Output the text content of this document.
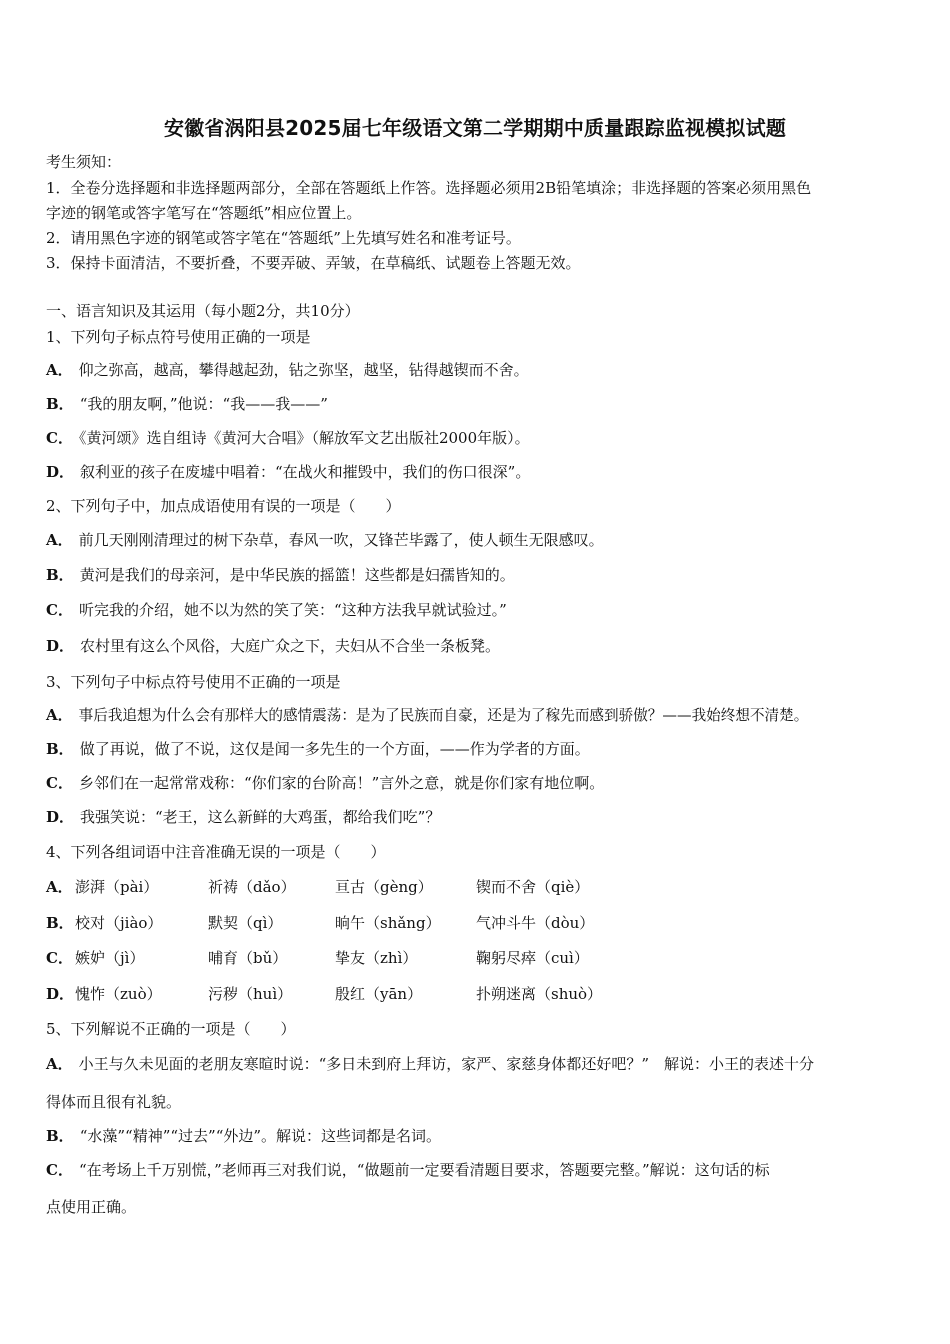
安徽省涡阳县2025届七年级语文第二学期期中质量跟踪监视模拟试题
考生须知：
1．全卷分选择题和非选择题两部分，全部在答题纸上作答。选择题必须用2B铅笔填涂；非选择题的答案必须用黑色
字迹的钢笔或答字笔写在“答题纸”相应位置上。
2．请用黑色字迹的钢笔或答字笔在“答题纸”上先填写姓名和准考证号。
3．保持卡面清洁，不要折叠，不要弄破、弄皱，在草稿纸、试题卷上答题无效。
一、语言知识及其运用（每小题2分，共10分）
1、下列句子标点符号使用正确的一项是
A． 仰之弥高，越高，攀得越起劲，钻之弥坚，越坚，钻得越锲而不舍。
B． “我的朋友啊，”他说：“我——我——”
C． 《黄河颂》选自组诗《黄河大合唱》（解放军文艺出版社2000年版）。
D． 叙利亚的孩子在废墟中唱着：“在战火和摧毁中，我们的伤口很深”。
2、下列句子中，加点成语使用有误的一项是（　　）
A． 前几天刚刚清理过的树下杂草，春风一吹，又锋芒毕露了，使人顿生无限感叹。
B． 黄河是我们的母亲河，是中华民族的摇篮！这些都是妇孺皆知的。
C． 听完我的介绍，她不以为然的笑了笑：“这种方法我早就试验过。”
D． 农村里有这么个风俗，大庭广众之下，夫妇从不合坐一条板凳。
3、下列句子中标点符号使用不正确的一项是
A． 事后我追想为什么会有那样大的感情震荡：是为了民族而自豪，还是为了稼先而感到骄傲？——我始终想不清楚。
B． 做了再说，做了不说，这仅是闻一多先生的一个方面，——作为学者的方面。
C． 乡邻们在一起常常戏称：“你们家的台阶高！”言外之意，就是你们家有地位啊。
D． 我强笑说：“老王，这么新鲜的大鸡蛋，都给我们吃”？
4、下列各组词语中注音准确无误的一项是（　　）
A． 澎湃（pài）	祈祷（dǎo）	亘古（gèng）	锲而不舍（qiè）
B． 校对（jiào）	默契（qì）	晌午（shǎng） 气冲斗牛（dòu）
C． 嫉妒（jì）	哺育（bǔ）	挚友（zhì）	鞠躬尽瘁（cuì）
D． 愧怍（zuò）	污秽（huì）	殷红（yān）	扑朔迷离（shuò）
5、下列解说不正确的一项是（　　）
A． 小王与久未见面的老朋友寒暄时说：“多日未到府上拜访，家严、家慈身体都还好吧？”　解说：小王的表述十分
得体而且很有礼貌。
B． “水藻”“精神”“过去”“外边”。解说：这些词都是名词。
C． “在考场上千万别慌，”老师再三对我们说，“做题前一定要看清题目要求，答题要完整。”解说：这句话的标
点使用正确。
